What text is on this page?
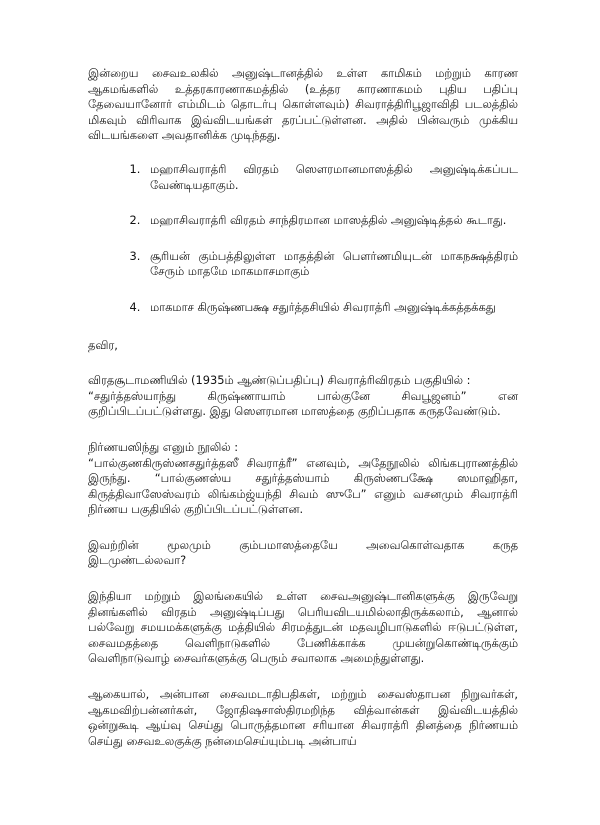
இன்றைய சைவஉலகில் அனுஷ்டானத்தில் உள்ள காமிகம் மற்றும் காரண ஆகமங்களில் உத்தரகாரணாகமத்தில் (உத்தர காரணாகமம் புதிய பதிப்பு தேவையானோர் எம்மிடம் தொடர்பு கொள்ளவும்) சிவராத்திரிபூஜாவிதி படலத்தில் மிகவும் விரிவாக இவ்விடயங்கள் தரப்பட்டுள்ளன. அதில் பின்வரும் முக்கிய விடயங்களை அவதானிக்க முடிந்தது.

1. மஹாசிவராத்ரி விரதம் ஸௌரமானமாஸத்தில் அனுஷ்டிக்கப்பட வேண்டியதாகும்.
2. மஹாசிவராத்ரி விரதம் சாந்திரமான மாஸத்தில் அனுஷ்டித்தல் கூடாது.
3. சூரியன் கும்பத்திலுள்ள மாதத்தின் பௌர்ணமியுடன் மாகநக்ஷத்திரம் சேரும் மாதமே மாகமாசமாகும்
4. மாகமாச கிருஷ்ணபக்ஷ சதுர்த்தசியில் சிவராத்ரி அனுஷ்டிக்கத்தக்கது

தவிர,

விரதசூடாமணியில் (1935ம் ஆண்டுப்பதிப்பு) சிவராத்ரிவிரதம் பகுதியில் :

“சதுர்த்தஸ்யாந்து கிருஷ்ணாயாம் பால்குனே சிவபூஜனம்” என குறிப்பிடப்பட்டுள்ளது. இது ஸௌரமான மாஸத்தை குறிப்பதாக கருதவேண்டும்.

நிர்ணயஸிந்து எனும் நூலில் :

“பால்குணகிருஸ்ணசதுர்த்தஸீ சிவராத்ரீ” எனவும், அதேநூலில் லிங்கபுராணத்தில் இருந்து. “பால்குணஸ்ய சதுர்த்தஸ்யாம் கிருஸ்ணபக்ஷே ஸமாஹிதா, கிருத்திவாஸேஸ்வரம் லிங்கம்ஜ்யந்தி சிவம் ஸுபே” எனும் வசனமும் சிவராத்ரி நிர்ணய பகுதியில் குறிப்பிடப்பட்டுள்ளன.

இவற்றின் மூலமும் கும்பமாஸத்தையே அவைகொள்வதாக கருத இடமுண்டல்லவா?

இந்தியா மற்றும் இலங்கையில் உள்ள சைவஅனுஷ்டானிகளுக்கு இருவேறு தினங்களில் விரதம் அனுஷ்டிப்பது பெரியவிடயமில்லாதிருக்கலாம், ஆனால் பல்வேறு சமயமக்களுக்கு மத்தியில் சிரமத்துடன் மதவழிபாடுகளில் ஈடுபட்டுள்ள, சைவமதத்தை வெளிநாடுகளில் பேணிக்காக்க முயன்றுகொண்டிருக்கும் வெளிநாடுவாழ் சைவர்களுக்கு பெரும் சவாலாக அமைந்துள்ளது.

ஆகையால், அன்பான சைவமடாதிபதிகள், மற்றும் சைவஸ்தாபன நிறுவர்கள், ஆகமவிற்பன்னர்கள், ஜோதிஷசாஸ்திரமறிந்த வித்வான்கள் இவ்விடயத்தில் ஒன்றுகூடி ஆய்வு செய்து பொருத்தமான சரியான சிவராத்ரி தினத்தை நிர்ணயம் செய்து சைவஉலகுக்கு நன்மைசெய்யும்படி அன்பாய்
